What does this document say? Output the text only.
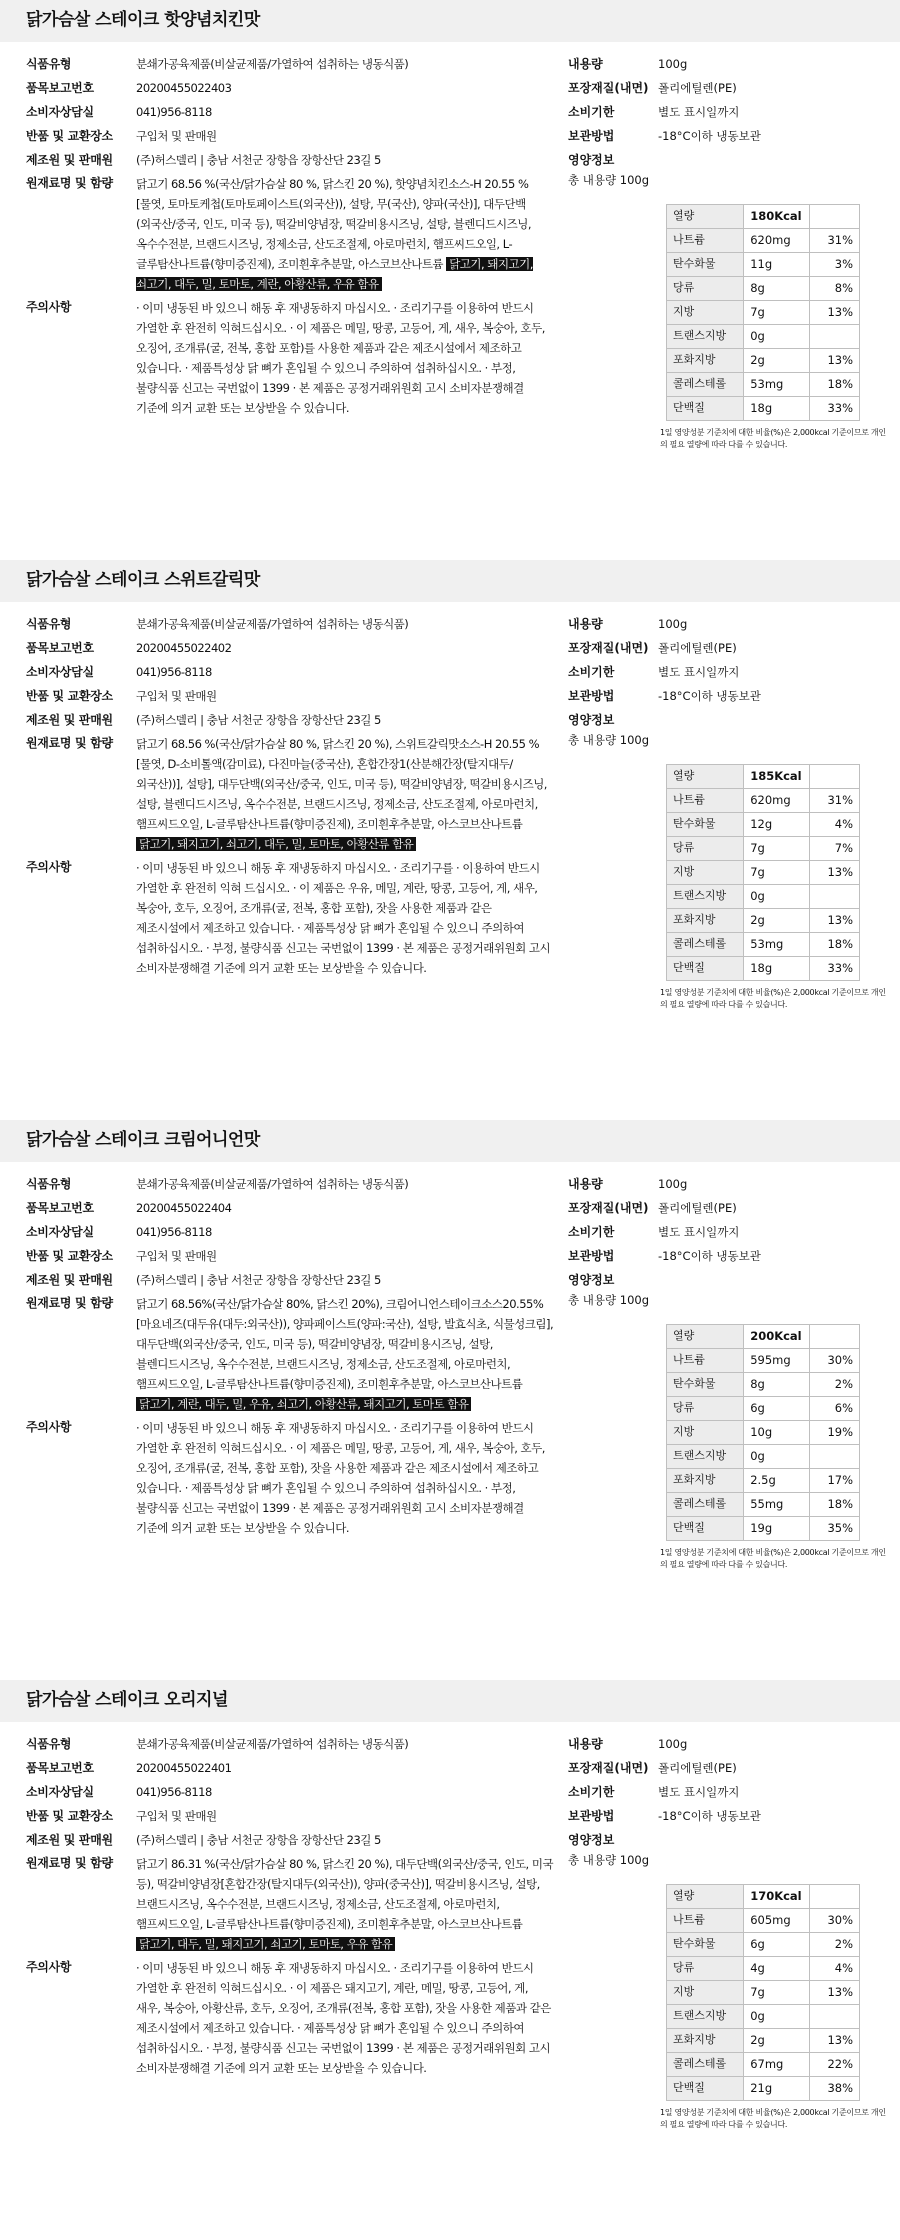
닭가슴살 스테이크 핫양념치킨맛
식품유형	분쇄가공육제품(비살균제품/가열하여 섭취하는 냉동식품)
품목보고번호	20200455022403
소비자상담실	041)956-8118
반품 및 교환장소	구입처 및 판매원
제조원 및 판매원	(주)허스델리 | 충남 서천군 장항읍 장항산단 23길 5
원재료명 및 함량	닭고기 68.56 %(국산/닭가슴살 80 %, 닭스킨 20 %), 핫양념치킨소스-H 20.55 %[물엿, 토마토케첩(토마토페이스트(외국산)), 설탕, 무(국산), 양파(국산)], 대두단백(외국산/중국, 인도, 미국 등), 떡갈비양념장, 떡갈비용시즈닝, 설탕, 블렌디드시즈닝, 옥수수전분, 브랜드시즈닝, 정제소금, 산도조절제, 아로마런치, 햄프씨드오일, L-글루탐산나트륨(향미증진제), 조미흰후추분말, 아스코브산나트륨 닭고기, 돼지고기, 쇠고기, 대두, 밀, 토마토, 계란, 아황산류, 우유 함유
주의사항	· 이미 냉동된 바 있으니 해동 후 재냉동하지 마십시오. · 조리기구를 이용하여 반드시 가열한 후 완전히 익혀드십시오. · 이 제품은 메밀, 땅콩, 고등어, 게, 새우, 복숭아, 호두, 오징어, 조개류(굴, 전복, 홍합 포함)를 사용한 제품과 같은 제조시설에서 제조하고 있습니다. · 제품특성상 닭 뼈가 혼입될 수 있으니 주의하여 섭취하십시오. · 부정, 불량식품 신고는 국번없이 1399 · 본 제품은 공정거래위원회 고시 소비자분쟁해결 기준에 의거 교환 또는 보상받을 수 있습니다.
내용량	100g
포장재질(내면) 폴리에틸렌(PE)
소비기한	별도 표시일까지
보관방법	-18°C이하 냉동보관
영양정보
총 내용량 100g
열량	180Kcal	
나트륨	620mg	31%
탄수화물	11g	3%
당류	8g	8%
지방	7g	13%
트랜스지방	0g	
포화지방	2g	13%
콜레스테롤	53mg	18%
단백질	18g	33%
1일 영양성분 기준치에 대한 비율(%)은 2,000kcal 기준이므로 개인의 필요 열량에 따라 다를 수 있습니다.
닭가슴살 스테이크 스위트갈릭맛
식품유형	분쇄가공육제품(비살균제품/가열하여 섭취하는 냉동식품)
품목보고번호	20200455022402
소비자상담실	041)956-8118
반품 및 교환장소	구입처 및 판매원
제조원 및 판매원	(주)허스델리 | 충남 서천군 장항읍 장항산단 23길 5
원재료명 및 함량	닭고기 68.56 %(국산/닭가슴살 80 %, 닭스킨 20 %), 스위트갈릭맛소스-H 20.55 %[물엿, D-소비톨액(감미료), 다진마늘(중국산), 혼합간장1(산분해간장(탈지대두/외국산))], 설탕], 대두단백(외국산/중국, 인도, 미국 등), 떡갈비양념장, 떡갈비용시즈닝, 설탕, 블렌디드시즈닝, 옥수수전분, 브랜드시즈닝, 정제소금, 산도조절제, 아로마런치, 햄프씨드오일, L-글루탐산나트륨(향미증진제), 조미흰후추분말, 아스코브산나트륨 닭고기, 돼지고기, 쇠고기, 대두, 밀, 토마토, 아황산류 함유
주의사항	· 이미 냉동된 바 있으니 해동 후 재냉동하지 마십시오. · 조리기구를 · 이용하여 반드시 가열한 후 완전히 익혀 드십시오. · 이 제품은 우유, 메밀, 계란, 땅콩, 고등어, 게, 새우, 복숭아, 호두, 오징어, 조개류(굴, 전복, 홍합 포함), 잣을 사용한 제품과 같은 제조시설에서 제조하고 있습니다. · 제품특성상 닭 뼈가 혼입될 수 있으니 주의하여 섭취하십시오. · 부정, 불량식품 신고는 국번없이 1399 · 본 제품은 공정거래위원회 고시 소비자분쟁해결 기준에 의거 교환 또는 보상받을 수 있습니다.
내용량	100g
포장재질(내면) 폴리에틸렌(PE)
소비기한	별도 표시일까지
보관방법	-18°C이하 냉동보관
영양정보
총 내용량 100g
열량	185Kcal	
나트륨	620mg	31%
탄수화물	12g	4%
당류	7g	7%
지방	7g	13%
트랜스지방	0g	
포화지방	2g	13%
콜레스테롤	53mg	18%
단백질	18g	33%
1일 영양성분 기준치에 대한 비율(%)은 2,000kcal 기준이므로 개인의 필요 열량에 따라 다를 수 있습니다.
닭가슴살 스테이크 크림어니언맛
식품유형	분쇄가공육제품(비살균제품/가열하여 섭취하는 냉동식품)
품목보고번호	20200455022404
소비자상담실	041)956-8118
반품 및 교환장소	구입처 및 판매원
제조원 및 판매원	(주)허스델리 | 충남 서천군 장항읍 장항산단 23길 5
원재료명 및 함량	닭고기 68.56%(국산/닭가슴살 80%, 닭스킨 20%), 크림어니언스테이크소스20.55%[마요네즈(대두유(대두:외국산)), 양파페이스트(양파:국산), 설탕, 발효식초, 식물성크림], 대두단백(외국산/중국, 인도, 미국 등), 떡갈비양념장, 떡갈비용시즈닝, 설탕, 블렌디드시즈닝, 옥수수전분, 브랜드시즈닝, 정제소금, 산도조절제, 아로마런치, 햄프씨드오일, L-글루탐산나트륨(향미증진제), 조미흰후추분말, 아스코브산나트륨 닭고기, 계란, 대두, 밀, 우유, 쇠고기, 아황산류, 돼지고기, 토마토 함유
주의사항	· 이미 냉동된 바 있으니 해동 후 재냉동하지 마십시오. · 조리기구를 이용하여 반드시 가열한 후 완전히 익혀드십시오. · 이 제품은 메밀, 땅콩, 고등어, 게, 새우, 복숭아, 호두, 오징어, 조개류(굴, 전복, 홍합 포함), 잣을 사용한 제품과 같은 제조시설에서 제조하고 있습니다. · 제품특성상 닭 뼈가 혼입될 수 있으니 주의하여 섭취하십시오. · 부정, 불량식품 신고는 국번없이 1399 · 본 제품은 공정거래위원회 고시 소비자분쟁해결 기준에 의거 교환 또는 보상받을 수 있습니다.
내용량	100g
포장재질(내면) 폴리에틸렌(PE)
소비기한	별도 표시일까지
보관방법	-18°C이하 냉동보관
영양정보
총 내용량 100g
열량	200Kcal	
나트륨	595mg	30%
탄수화물	8g	2%
당류	6g	6%
지방	10g	19%
트랜스지방	0g	
포화지방	2.5g	17%
콜레스테롤	55mg	18%
단백질	19g	35%
1일 영양성분 기준치에 대한 비율(%)은 2,000kcal 기준이므로 개인의 필요 열량에 따라 다를 수 있습니다.
닭가슴살 스테이크 오리지널
식품유형	분쇄가공육제품(비살균제품/가열하여 섭취하는 냉동식품)
품목보고번호	20200455022401
소비자상담실	041)956-8118
반품 및 교환장소	구입처 및 판매원
제조원 및 판매원	(주)허스델리 | 충남 서천군 장항읍 장항산단 23길 5
원재료명 및 함량	닭고기 86.31 %(국산/닭가슴살 80 %, 닭스킨 20 %), 대두단백(외국산/중국, 인도, 미국 등), 떡갈비양념장[혼합간장(탈지대두(외국산)), 양파(중국산)], 떡갈비용시즈닝, 설탕, 브랜드시즈닝, 옥수수전분, 브랜드시즈닝, 정제소금, 산도조절제, 아로마런치, 햄프씨드오일, L-글루탐산나트륨(향미증진제), 조미흰후추분말, 아스코브산나트륨 닭고기, 대두, 밀, 돼지고기, 쇠고기, 토마토, 우유 함유
주의사항	· 이미 냉동된 바 있으니 해동 후 재냉동하지 마십시오. · 조리기구를 이용하여 반드시 가열한 후 완전히 익혀드십시오. · 이 제품은 돼지고기, 계란, 메밀, 땅콩, 고등어, 게, 새우, 복숭아, 아황산류, 호두, 오징어, 조개류(전복, 홍합 포함), 잣을 사용한 제품과 같은 제조시설에서 제조하고 있습니다. · 제품특성상 닭 뼈가 혼입될 수 있으니 주의하여 섭취하십시오. · 부정, 불량식품 신고는 국번없이 1399 · 본 제품은 공정거래위원회 고시 소비자분쟁해결 기준에 의거 교환 또는 보상받을 수 있습니다.
내용량	100g
포장재질(내면) 폴리에틸렌(PE)
소비기한	별도 표시일까지
보관방법	-18°C이하 냉동보관
영양정보
총 내용량 100g
열량	170Kcal	
나트륨	605mg	30%
탄수화물	6g	2%
당류	4g	4%
지방	7g	13%
트랜스지방	0g	
포화지방	2g	13%
콜레스테롤	67mg	22%
단백질	21g	38%
1일 영양성분 기준치에 대한 비율(%)은 2,000kcal 기준이므로 개인의 필요 열량에 따라 다를 수 있습니다.
